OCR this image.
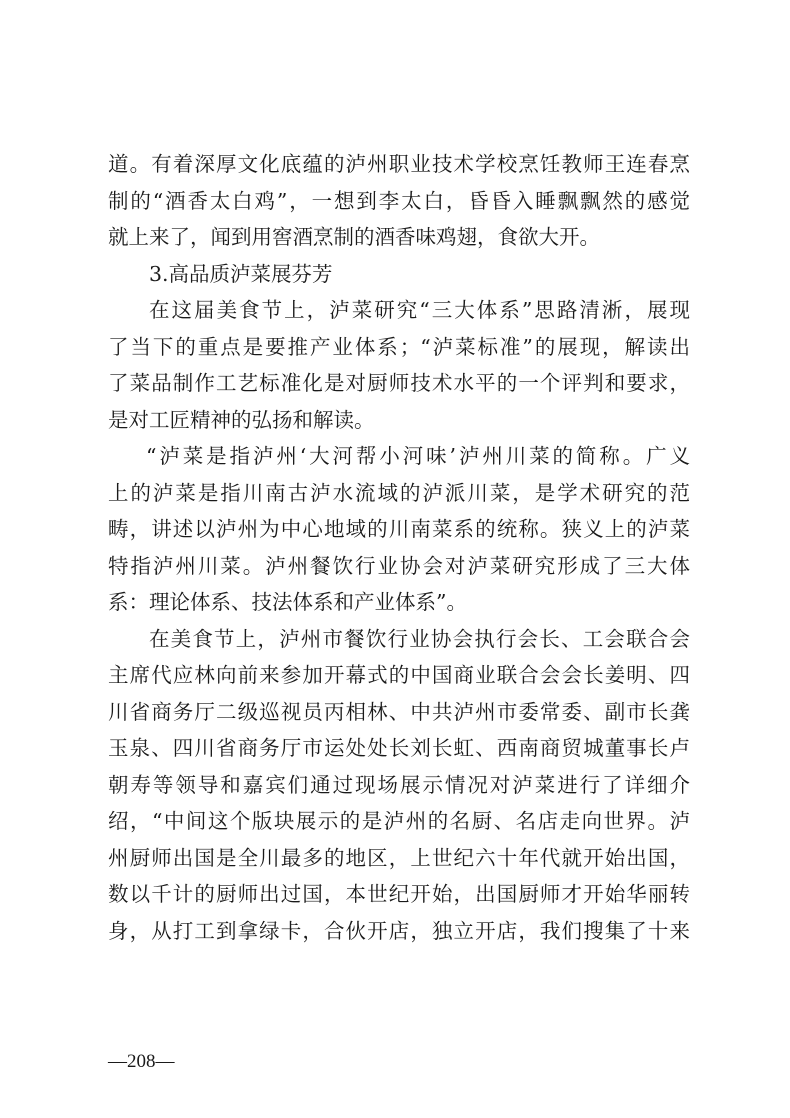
道。有着深厚文化底蕴的泸州职业技术学校烹饪教师王连春烹
制的“酒香太白鸡”，一想到李太白，昏昏入睡飘飘然的感觉
就上来了，闻到用窖酒烹制的酒香味鸡翅，食欲大开。
3.高品质泸菜展芬芳
在这届美食节上，泸菜研究“三大体系”思路清淅，展现
了当下的重点是要推产业体系；“泸菜标准”的展现，解读出
了菜品制作工艺标准化是对厨师技术水平的一个评判和要求，
是对工匠精神的弘扬和解读。
“泸菜是指泸州‘大河帮小河味’泸州川菜的简称。广义
上的泸菜是指川南古泸水流域的泸派川菜，是学术研究的范
畴，讲述以泸州为中心地域的川南菜系的统称。狭义上的泸菜
特指泸州川菜。泸州餐饮行业协会对泸菜研究形成了三大体
系：理论体系、技法体系和产业体系”。
在美食节上，泸州市餐饮行业协会执行会长、工会联合会
主席代应林向前来参加开幕式的中国商业联合会会长姜明、四
川省商务厅二级巡视员丙相林、中共泸州市委常委、副市长龚
玉泉、四川省商务厅市运处处长刘长虹、西南商贸城董事长卢
朝寿等领导和嘉宾们通过现场展示情况对泸菜进行了详细介
绍，“中间这个版块展示的是泸州的名厨、名店走向世界。泸
州厨师出国是全川最多的地区，上世纪六十年代就开始出国，
数以千计的厨师出过国，本世纪开始，出国厨师才开始华丽转
身，从打工到拿绿卡，合伙开店，独立开店，我们搜集了十来
—208—
